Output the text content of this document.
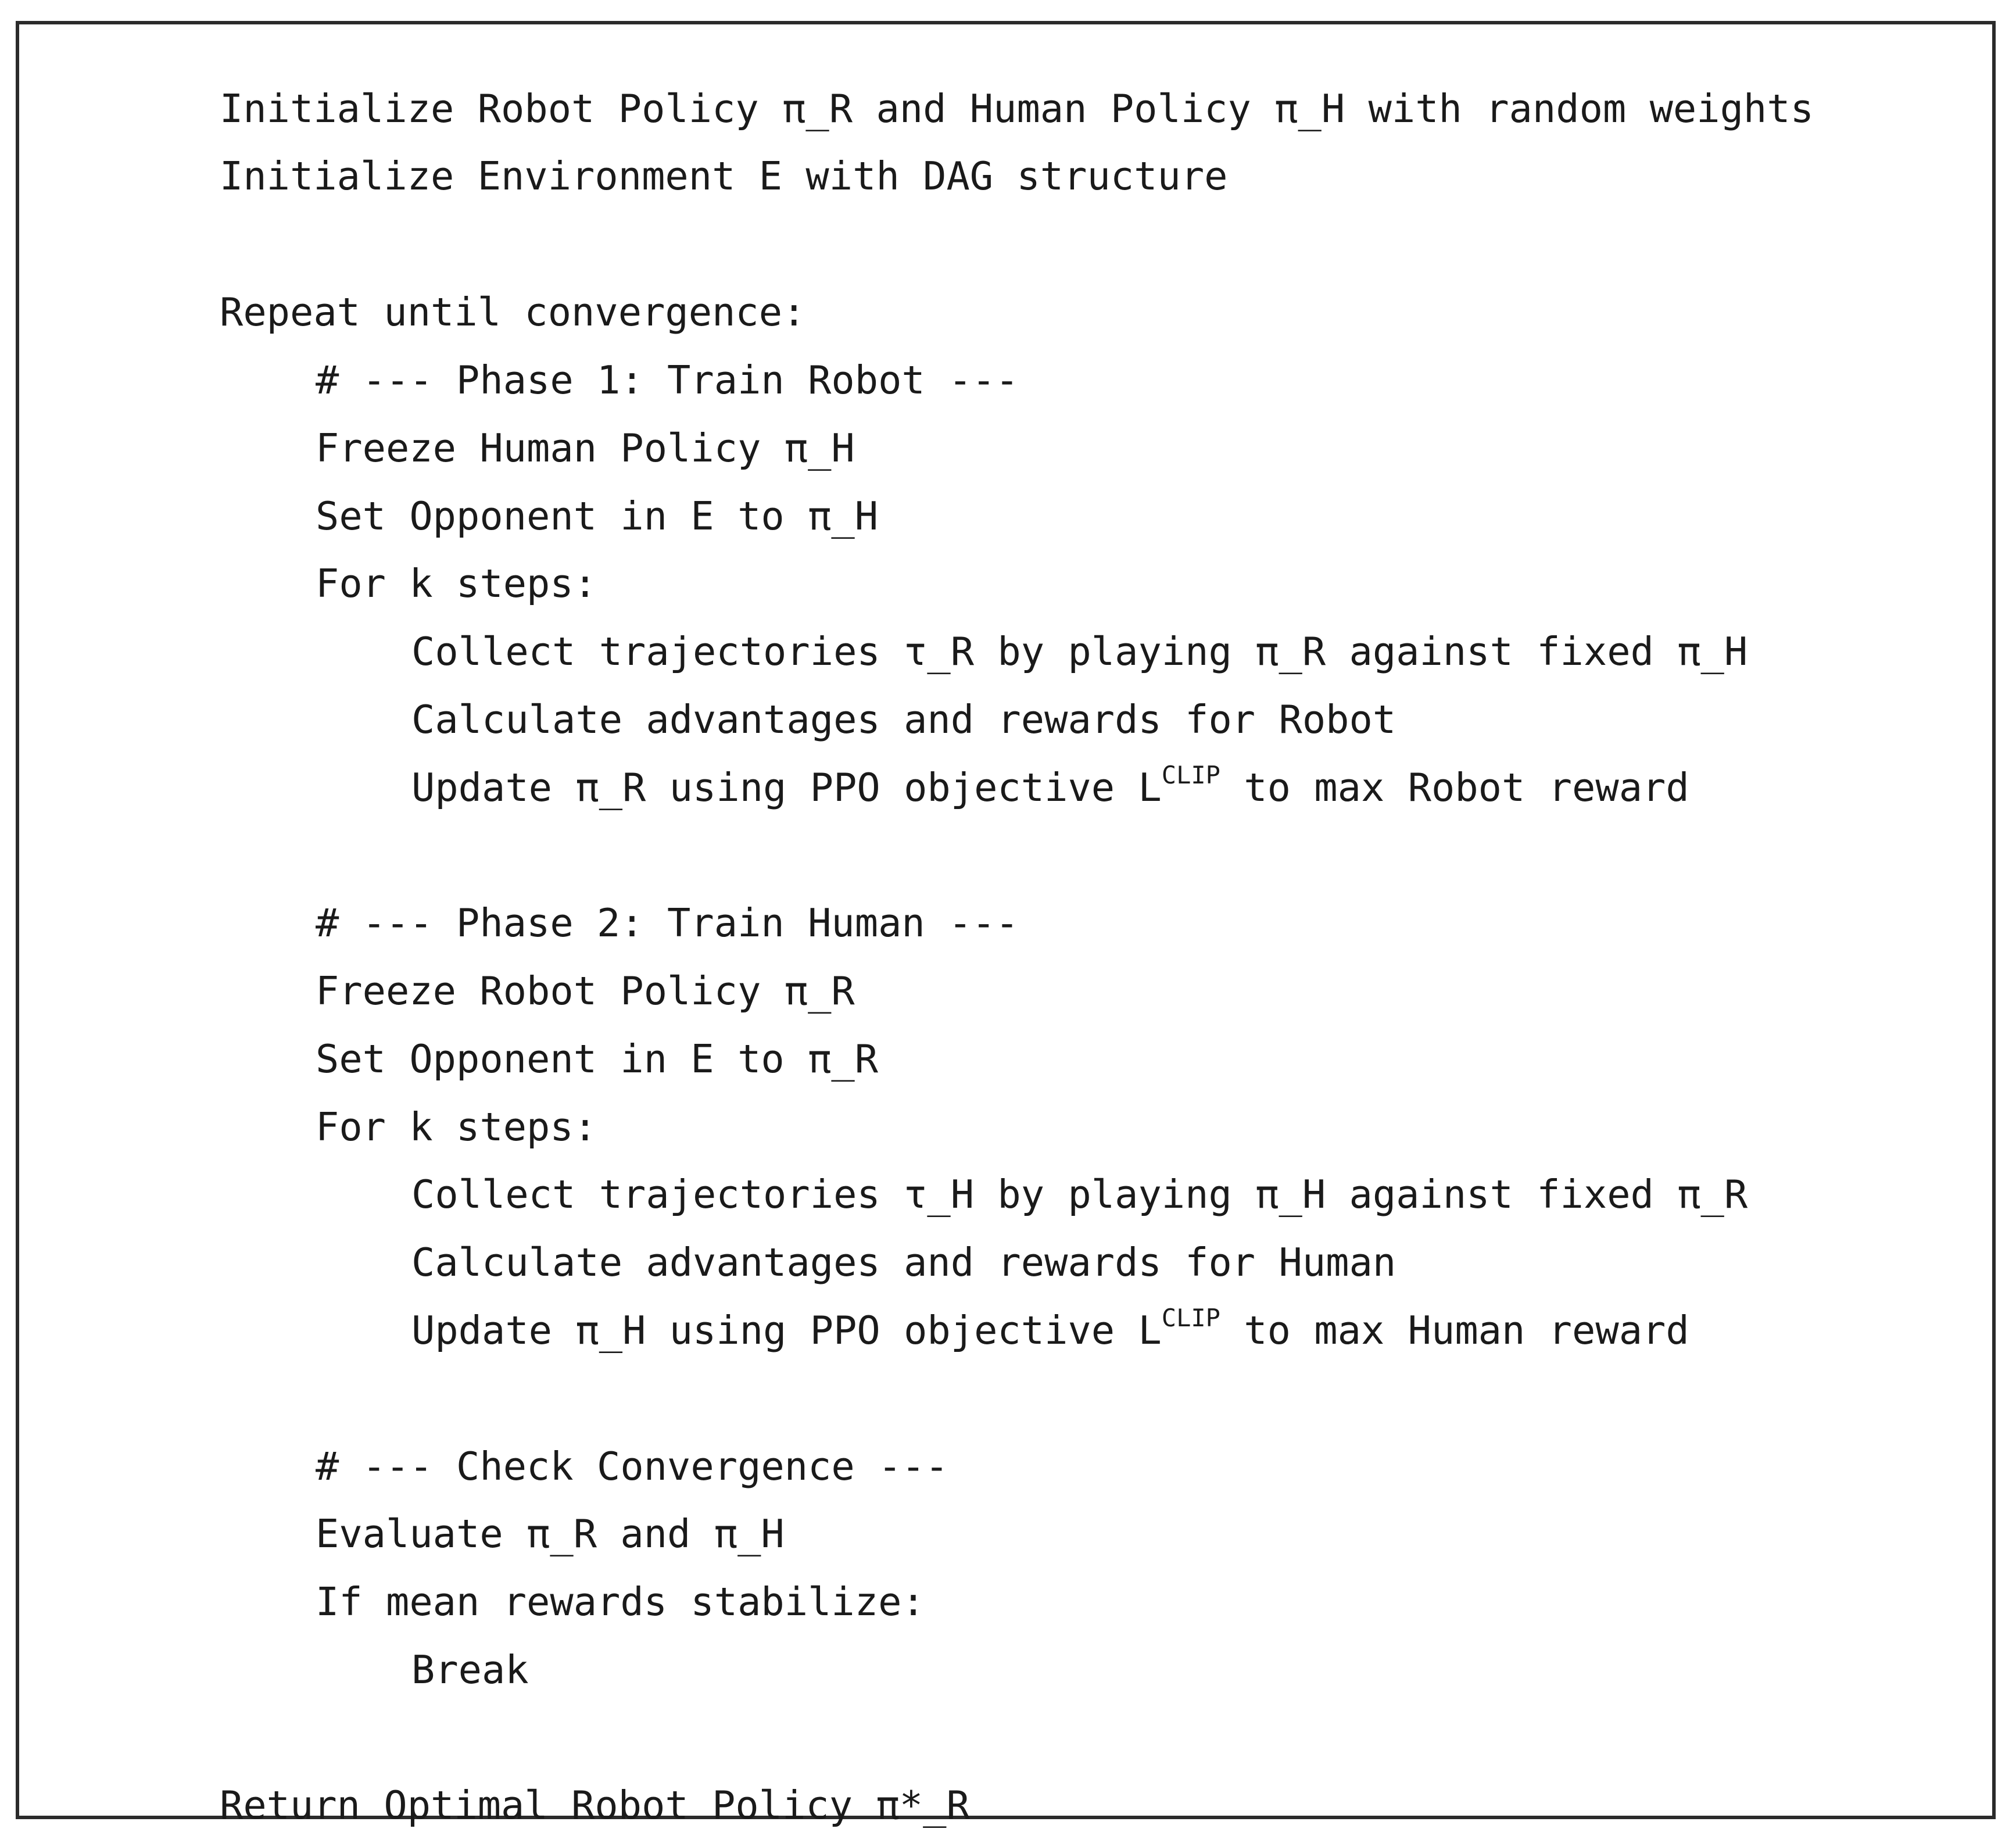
Initialize Robot Policy π_R and Human Policy π_H with random weights
Initialize Environment E with DAG structure
Repeat until convergence:
# --- Phase 1: Train Robot ---
Freeze Human Policy π_H
Set Opponent in E to π_H
For k steps:
Collect trajectories τ_R by playing π_R against fixed π_H
Calculate advantages and rewards for Robot
Update π_R using PPO objective $L^{CLIP}$ to max Robot reward
# --- Phase 2: Train Human ---
Freeze Robot Policy π_R
Set Opponent in E to π_R
For k steps:
Collect trajectories τ_H by playing π_H against fixed π_R
Calculate advantages and rewards for Human
Update π_H using PPO objective $L^{CLIP}$ to max Human reward
# --- Check Convergence ---
Evaluate π_R and π_H
If mean rewards stabilize:
Break
Return Optimal Robot Policy π*_R
